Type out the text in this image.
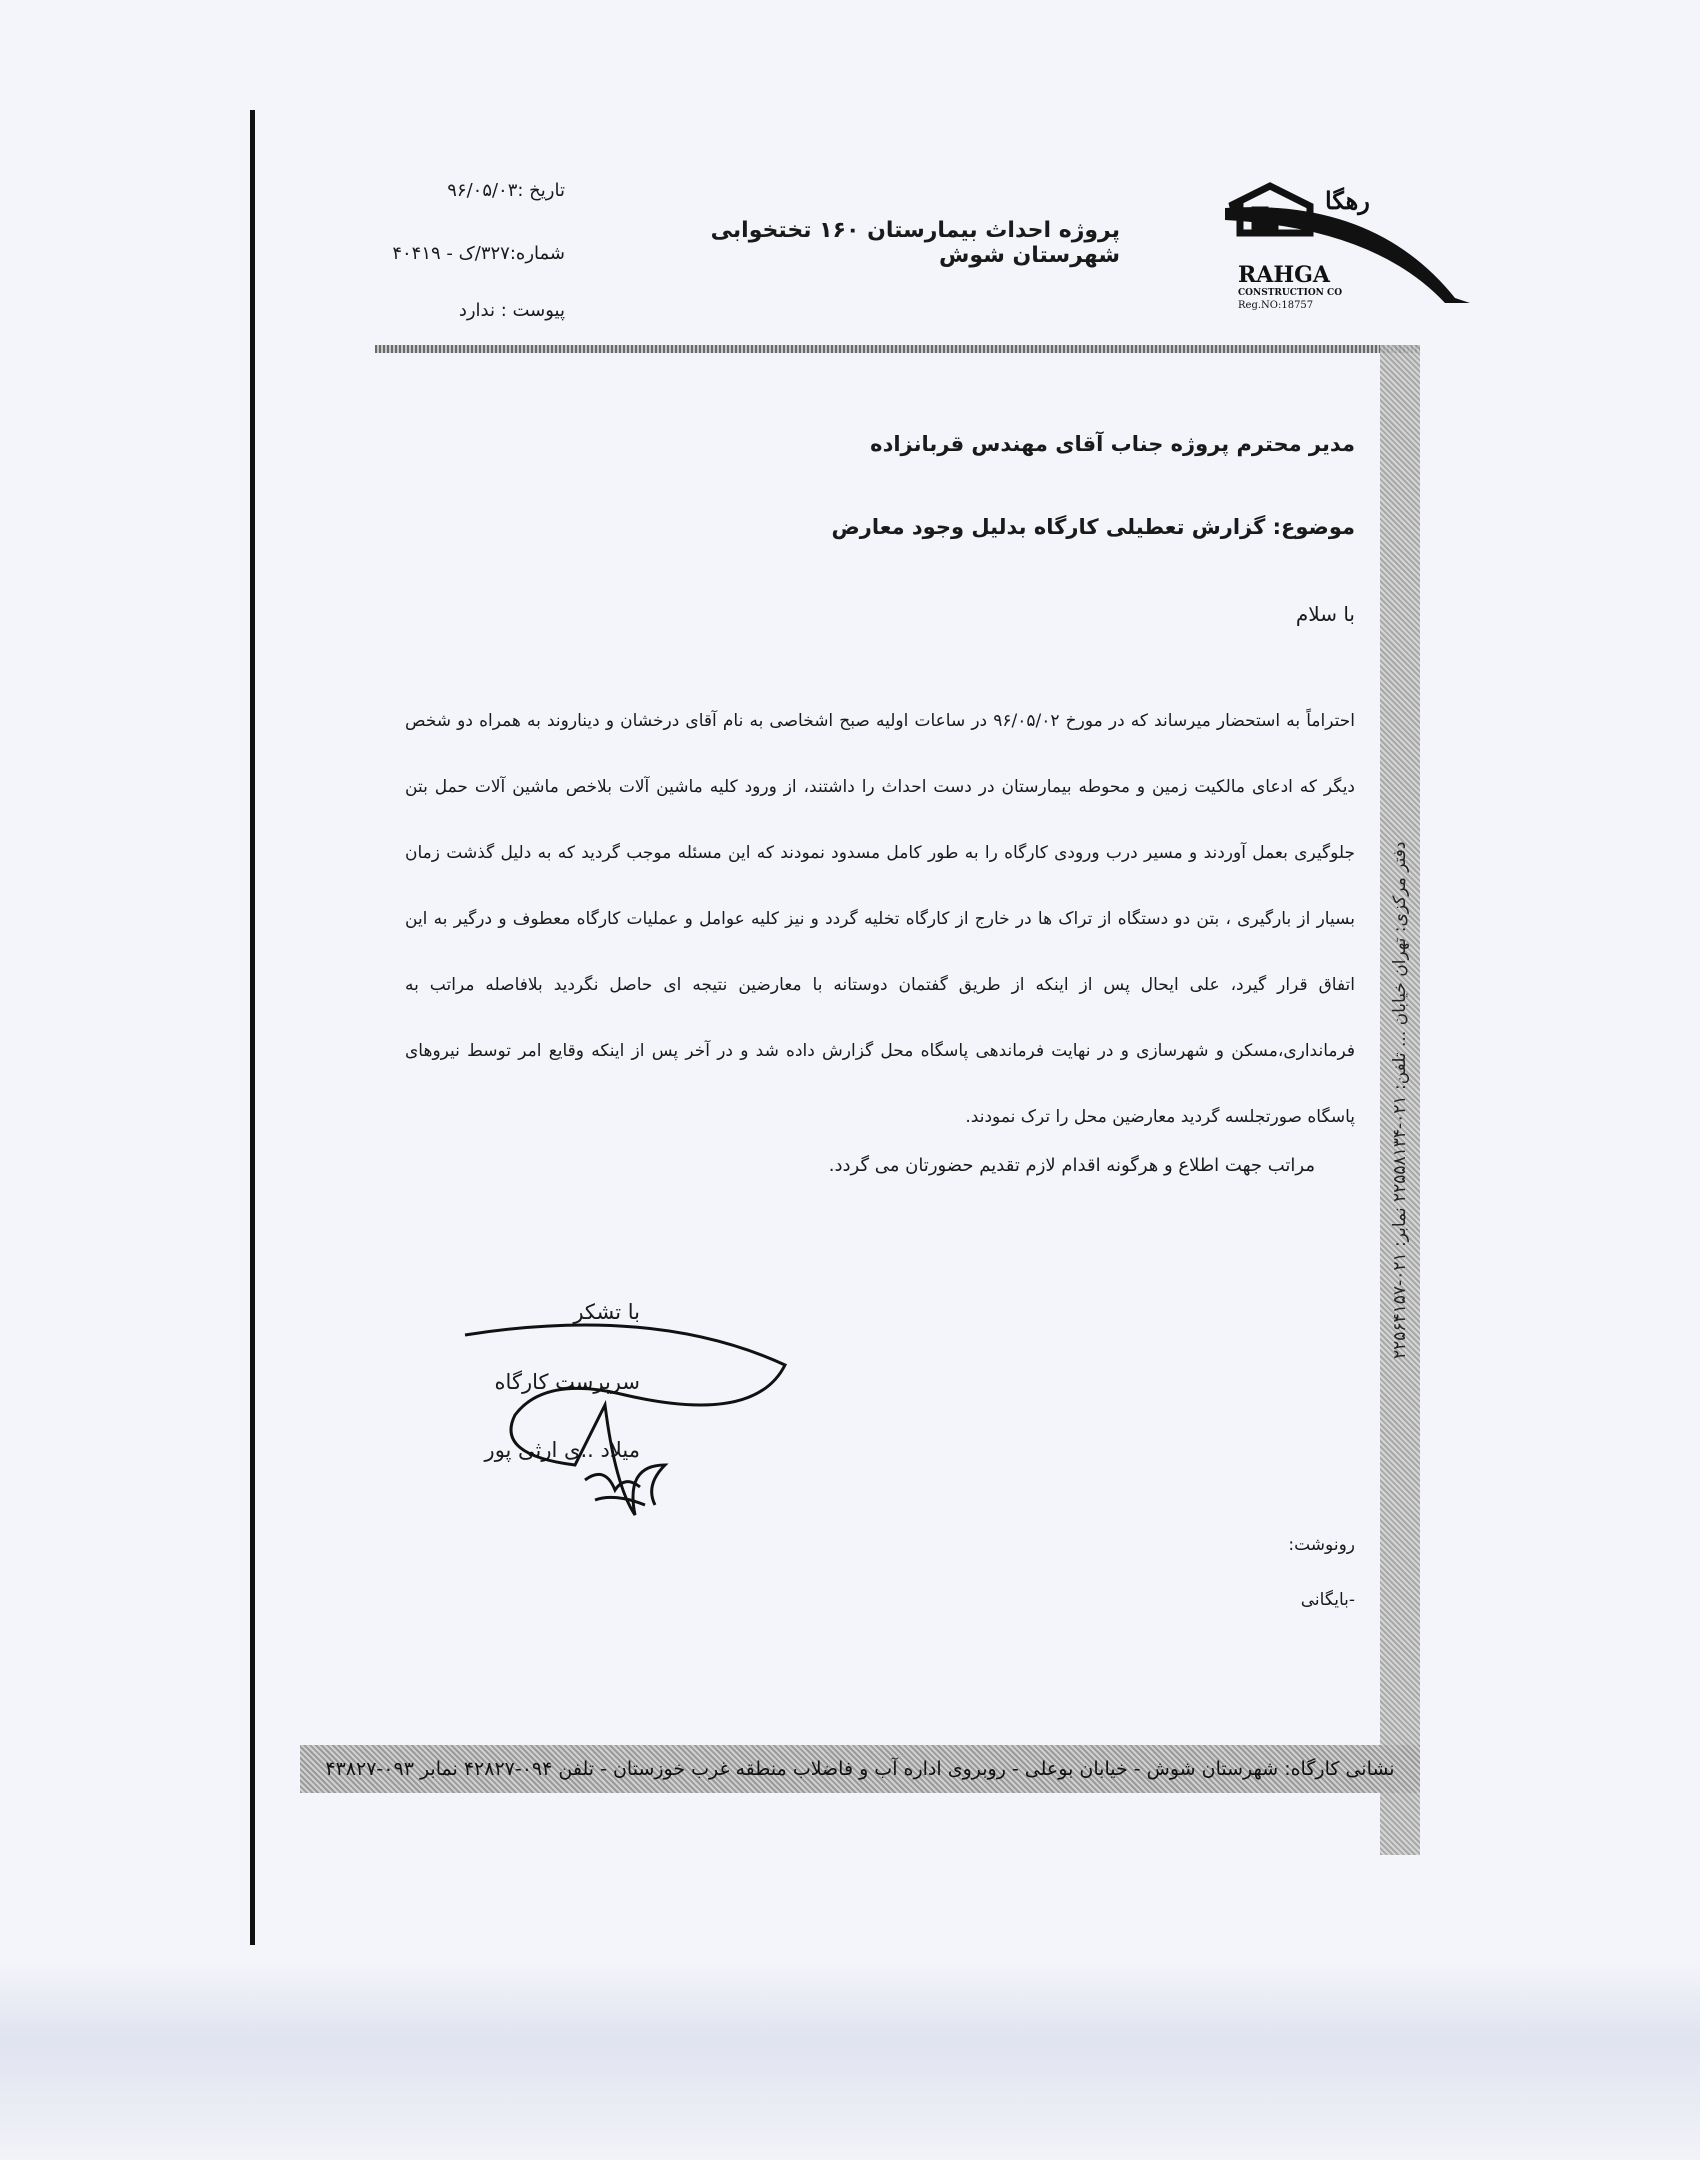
رهگا
RAHGA
CONSTRUCTION CO
Reg.NO:18757
پروژه احداث بیمارستان ۱۶۰ تختخوابی شهرستان شوش
تاریخ :۹۶/۰۵/۰۳
شماره:۳۲۷/ک - ۴۰۴۱۹
پیوست : ندارد
دفتر مرکزی: تهران خیابان ... تلفن: ۰۲۱-۲۲۵۵۸۱۳۴ نمابر: ۰۲۱-۲۲۵۶۴۱۵۷
مدیر محترم پروژه جناب آقای مهندس قربانزاده
موضوع: گزارش تعطیلی کارگاه بدلیل وجود معارض
با سلام
احتراماً به استحضار میرساند که در مورخ ۹۶/۰۵/۰۲ در ساعات اولیه صبح اشخاصی به نام آقای درخشان و دیناروند به همراه دو شخص دیگر که ادعای مالکیت زمین و محوطه بیمارستان در دست احداث را داشتند، از ورود کلیه ماشین آلات بلاخص ماشین آلات حمل بتن جلوگیری بعمل آوردند و مسیر درب ورودی کارگاه را به طور کامل مسدود نمودند که این مسئله موجب گردید که به دلیل گذشت زمان بسیار از بارگیری ، بتن دو دستگاه از تراک ها در خارج از کارگاه تخلیه گردد و نیز کلیه عوامل و عملیات کارگاه معطوف و درگیر به این اتفاق قرار گیرد، علی ایحال پس از اینکه از طریق گفتمان دوستانه با معارضین نتیجه ای حاصل نگردید بلافاصله مراتب به فرمانداری،مسکن و شهرسازی و در نهایت فرماندهی پاسگاه محل گزارش داده شد و در آخر پس از اینکه وقایع امر توسط نیروهای پاسگاه صورتجلسه گردید معارضین محل را ترک نمودند.
مراتب جهت اطلاع و هرگونه اقدام لازم تقدیم حضورتان می گردد.
با تشکر
سرپرست کارگاه
میلاد ..ی ارثی پور
رونوشت:
-بایگانی
نشانی کارگاه: شهرستان شوش - خیابان بوعلی - روبروی اداره آب و فاضلاب منطقه غرب خوزستان - تلفن ۰۹۴-۴۲۸۲۷ نمابر ۰۹۳-۴۳۸۲۷
